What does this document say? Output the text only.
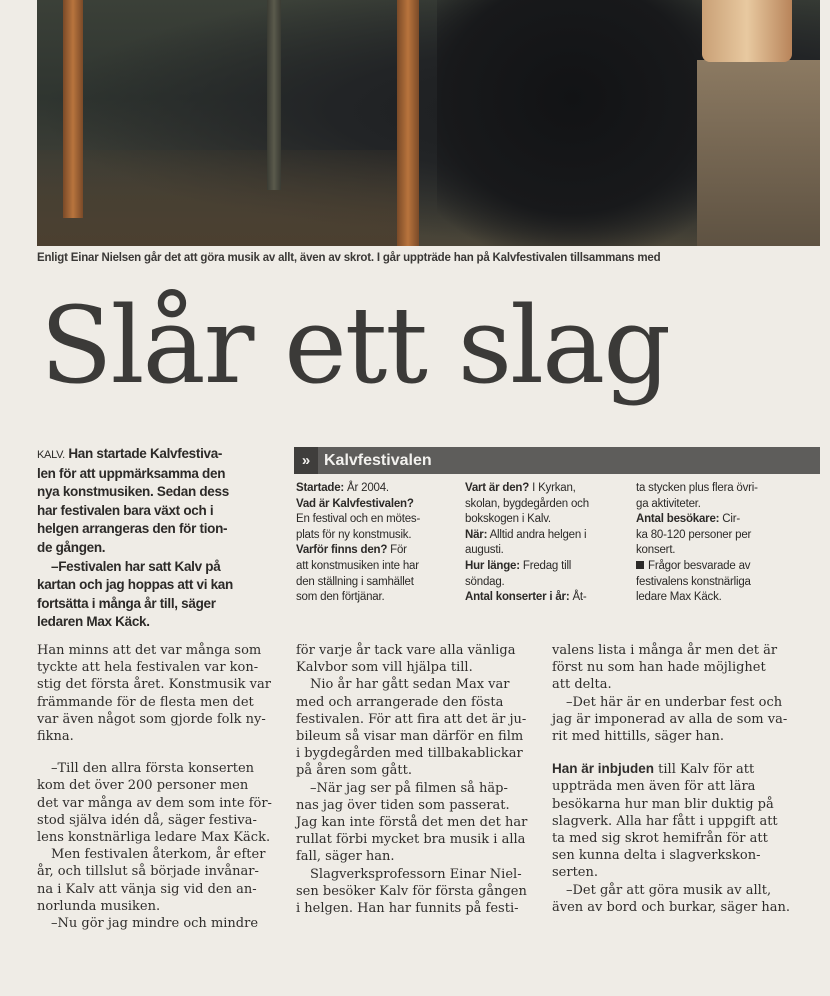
Enligt Einar Nielsen går det att göra musik av allt, även av skrot. I går uppträde han på Kalvfestivalen tillsammans med
Slår ett slag

KALV. Han startade Kalvfestiva-

len för att uppmärksamma den

nya konstmusiken. Sedan dess

har festivalen bara växt och i

helgen arrangeras den för tion-

de gången.

–Festivalen har satt Kalv på

kartan och jag hoppas att vi kan

fortsätta i många år till, säger

ledaren Max Käck.

» Kalvfestivalen

Startade: År 2004.

Vad är Kalvfestivalen?

En festival och en mötes-

plats för ny konstmusik.

Varför finns den? För

att konstmusiken inte har

den ställning i samhället

som den förtjänar.

Vart är den? I Kyrkan,

skolan, bygdegården och

bokskogen i Kalv.

När: Alltid andra helgen i

augusti.

Hur länge: Fredag till

söndag.

Antal konserter i år: Åt-

ta stycken plus flera övri-

ga aktiviteter.

Antal besökare: Cir-

ka 80-120 personer per

konsert.

Frågor besvarade av

festivalens konstnärliga

ledare Max Käck.

Han minns att det var många som

tyckte att hela festivalen var kon-

stig det första året. Konstmusik var

främmande för de flesta men det

var även något som gjorde folk ny-

fikna.

–Till den allra första konserten

kom det över 200 personer men

det var många av dem som inte för-

stod själva idén då, säger festiva-

lens konstnärliga ledare Max Käck.

Men festivalen återkom, år efter

år, och tillslut så började invånar-

na i Kalv att vänja sig vid den an-

norlunda musiken.

–Nu gör jag mindre och mindre

för varje år tack vare alla vänliga

Kalvbor som vill hjälpa till.

Nio år har gått sedan Max var

med och arrangerade den fösta

festivalen. För att fira att det är ju-

bileum så visar man därför en film

i bygdegården med tillbakablickar

på åren som gått.

–När jag ser på filmen så häp-

nas jag över tiden som passerat.

Jag kan inte förstå det men det har

rullat förbi mycket bra musik i alla

fall, säger han.

Slagverksprofessorn Einar Niel-

sen besöker Kalv för första gången

i helgen. Han har funnits på festi-

valens lista i många år men det är

först nu som han hade möjlighet

att delta.

–Det här är en underbar fest och

jag är imponerad av alla de som va-

rit med hittills, säger han.

Han är inbjuden till Kalv för att

uppträda men även för att lära

besökarna hur man blir duktig på

slagverk. Alla har fått i uppgift att

ta med sig skrot hemifrån för att

sen kunna delta i slagverkskon-

serten.

–Det går att göra musik av allt,

även av bord och burkar, säger han.
